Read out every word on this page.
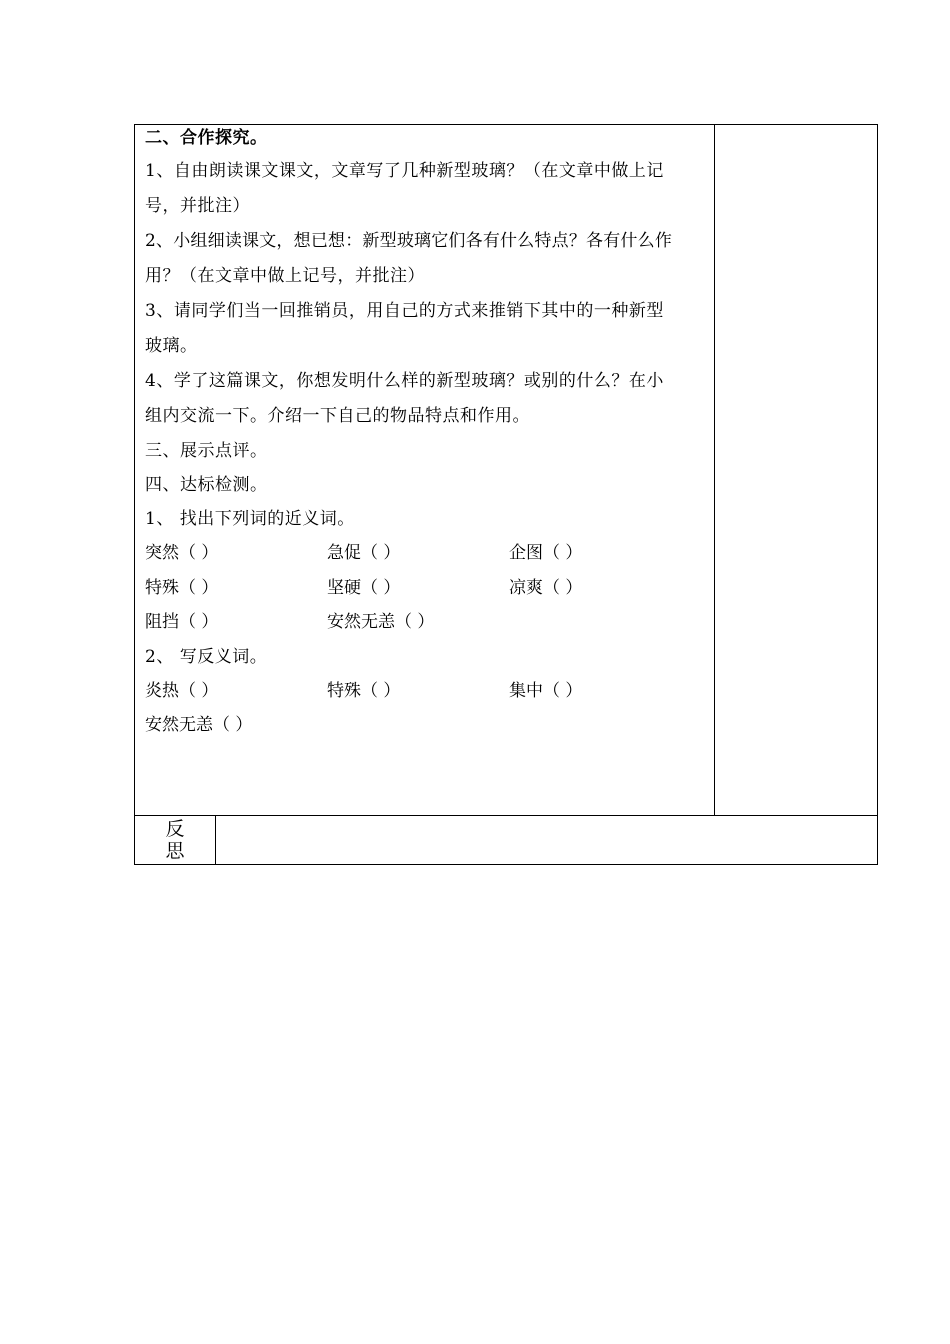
二、合作探究。
1、自由朗读课文课文，文章写了几种新型玻璃？（在文章中做上记
号，并批注）
2、小组细读课文，想已想：新型玻璃它们各有什么特点？各有什么作
用？（在文章中做上记号，并批注）
3、请同学们当一回推销员，用自己的方式来推销下其中的一种新型
玻璃。
4、学了这篇课文，你想发明什么样的新型玻璃？或别的什么？在小
组内交流一下。介绍一下自己的物品特点和作用。
三、展示点评。
四、达标检测。
1、 找出下列词的近义词。
突然（ ）	急促（ ）	企图（ ）
特殊（ ）	坚硬（ ）	凉爽（ ）
阻挡（ ）	安然无恙（ ）
2、 写反义词。
炎热（ ）	特殊（ ）	集中（ ）
安然无恙（ ）
反
思
